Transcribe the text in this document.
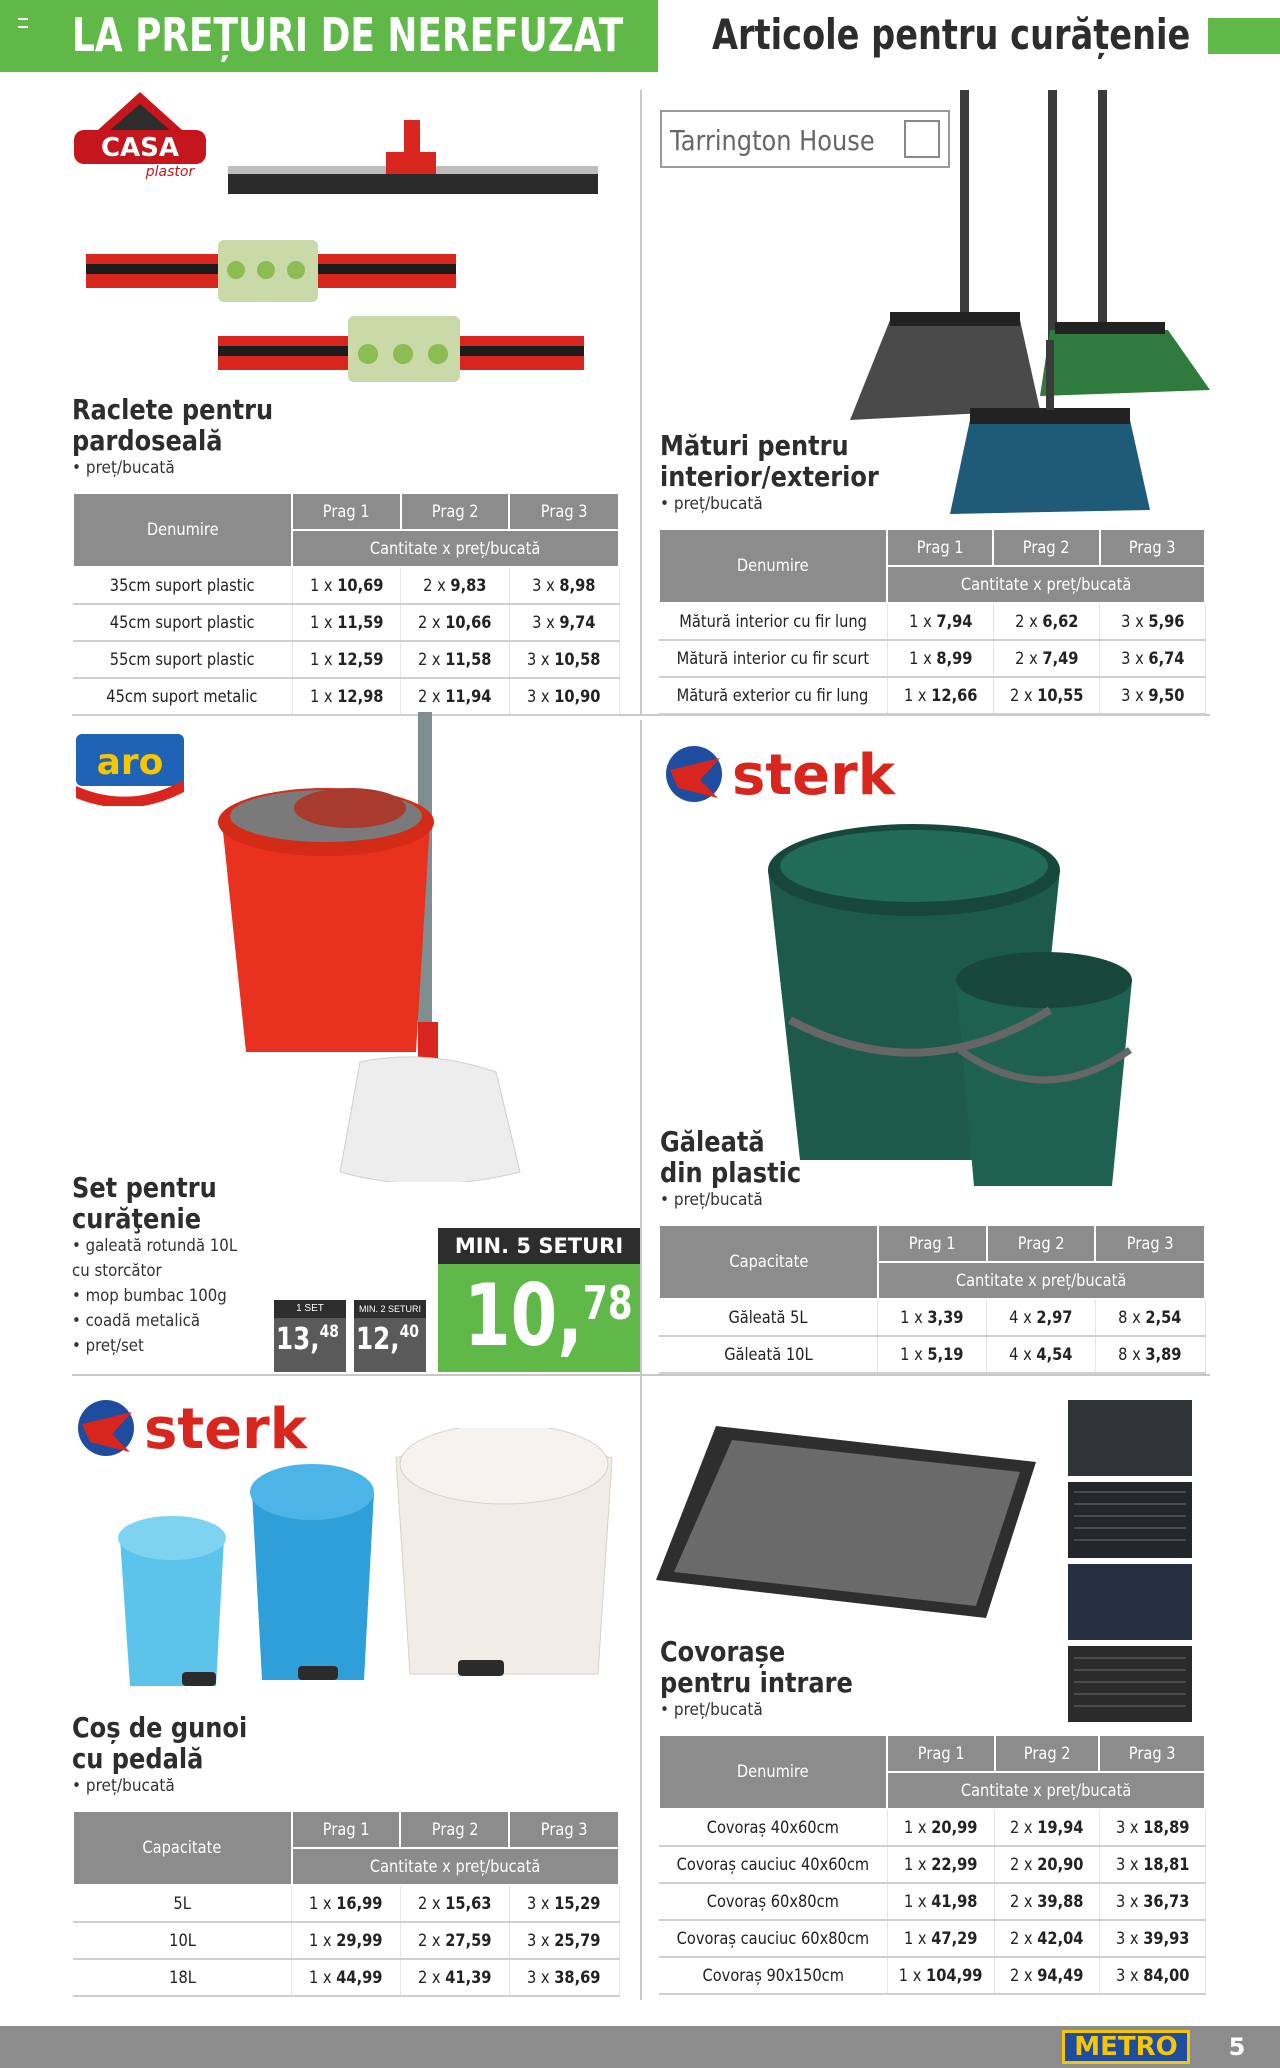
LA PREȚURI DE NEREFUZAT Articole pentru curățenie
CASA
plastor
Raclete pentru
pardoseală
• preț/bucată
Denumire	Prag 1	Prag 2	Prag 3
	Cantitate x preț/bucată		
35cm suport plastic	1 x 10,69	2 x 9,83	3 x 8,98
45cm suport plastic	1 x 11,59	2 x 10,66	3 x 9,74
55cm suport plastic	1 x 12,59	2 x 11,58	3 x 10,58
45cm suport metalic	1 x 12,98	2 x 11,94	3 x 10,90
Tarrington House
Mături pentru
interior/exterior
• preț/bucată
Denumire	Prag 1	Prag 2	Prag 3
	Cantitate x preț/bucată		
Mătură interior cu fir lung	1 x 7,94	2 x 6,62	3 x 5,96
Mătură interior cu fir scurt	1 x 8,99	2 x 7,49	3 x 6,74
Mătură exterior cu fir lung	1 x 12,66	2 x 10,55	3 x 9,50
aro
Set pentru
curăţenie
• galeată rotundă 10L
cu storcător
• mop bumbac 100g
• coadă metalică
• preț/set
1 SET
13,48
MIN. 2 SETURI
12,40
MIN. 5 SETURI
10,78
sterk
Găleată
din plastic
• preț/bucată
Capacitate	Prag 1	Prag 2	Prag 3
	Cantitate x preț/bucată		
Găleată 5L	1 x 3,39	4 x 2,97	8 x 2,54
Găleată 10L	1 x 5,19	4 x 4,54	8 x 3,89
sterk
Coș de gunoi
cu pedală
• preț/bucată
Capacitate	Prag 1	Prag 2	Prag 3
	Cantitate x preț/bucată		
5L	1 x 16,99	2 x 15,63	3 x 15,29
10L	1 x 29,99	2 x 27,59	3 x 25,79
18L	1 x 44,99	2 x 41,39	3 x 38,69
Covorașe
pentru intrare
• preț/bucată
Denumire	Prag 1	Prag 2	Prag 3
	Cantitate x preț/bucată		
Covoraș 40x60cm	1 x 20,99	2 x 19,94	3 x 18,89
Covoraș cauciuc 40x60cm	1 x 22,99	2 x 20,90	3 x 18,81
Covoraș 60x80cm	1 x 41,98	2 x 39,88	3 x 36,73
Covoraș cauciuc 60x80cm	1 x 47,29	2 x 42,04	3 x 39,93
Covoraș 90x150cm	1 x 104,99	2 x 94,49	3 x 84,00
METRO	5
